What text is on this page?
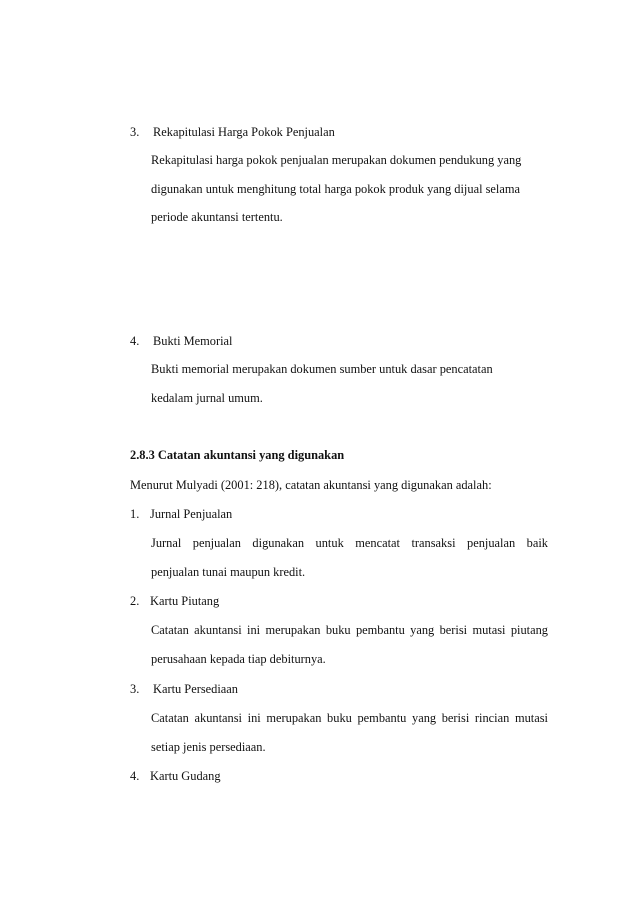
3. Rekapitulasi Harga Pokok Penjualan
Rekapitulasi harga pokok penjualan merupakan dokumen pendukung yang
digunakan untuk menghitung total harga pokok produk yang dijual selama
periode akuntansi tertentu.
4. Bukti Memorial
Bukti memorial merupakan dokumen sumber untuk dasar pencatatan
kedalam jurnal umum.
2.8.3 Catatan akuntansi yang digunakan
Menurut Mulyadi (2001: 218), catatan akuntansi yang digunakan adalah:
1. Jurnal Penjualan
Jurnal penjualan digunakan untuk mencatat transaksi penjualan baik
penjualan tunai maupun kredit.
2. Kartu Piutang
Catatan akuntansi ini merupakan buku pembantu yang berisi mutasi piutang
perusahaan kepada tiap debiturnya.
3. Kartu Persediaan
Catatan akuntansi ini merupakan buku pembantu yang berisi rincian mutasi
setiap jenis persediaan.
4. Kartu Gudang
